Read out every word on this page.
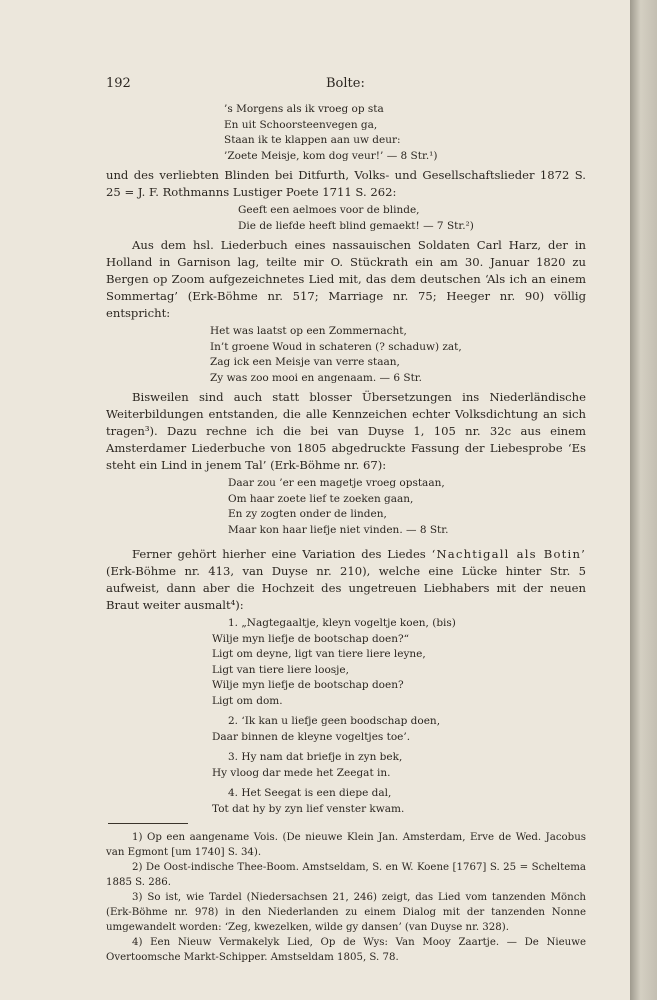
192	Bolte:
’s Morgens als ik vroeg op sta
En uit Schoorsteenvegen ga,
Staan ik te klappen aan uw deur:
’Zoete Meisje, kom dog veur!’ — 8 Str.¹)

und des verliebten Blinden bei Ditfurth, Volks- und Gesellschaftslieder 1872 S. 25 = J. F. Rothmanns Lustiger Poete 1711 S. 262:

Geeft een aelmoes voor de blinde,
Die de liefde heeft blind gemaekt! — 7 Str.²)

Aus dem hsl. Liederbuch eines nassauischen Soldaten Carl Harz, der in Holland in Garnison lag, teilte mir O. Stückrath ein am 30. Januar 1820 zu Bergen op Zoom aufgezeichnetes Lied mit, das dem deutschen ‘Als ich an einem Sommertag’ (Erk-Böhme nr. 517; Marriage nr. 75; Heeger nr. 90) völlig entspricht:

Het was laatst op een Zommernacht,
In’t groene Woud in schateren (? schaduw) zat,
Zag ick een Meisje van verre staan,
Zy was zoo mooi en angenaam. — 6 Str.

Bisweilen sind auch statt blosser Übersetzungen ins Niederländische Weiterbildungen entstanden, die alle Kennzeichen echter Volksdichtung an sich tragen³). Dazu rechne ich die bei van Duyse 1, 105 nr. 32c aus einem Amsterdamer Liederbuche von 1805 abgedruckte Fassung der Liebesprobe ‘Es steht ein Lind in jenem Tal’ (Erk-Böhme nr. 67):

Daar zou ’er een magetje vroeg opstaan,
Om haar zoete lief te zoeken gaan,
En zy zogten onder de linden,
Maar kon haar liefje niet vinden. — 8 Str.

Ferner gehört hierher eine Variation des Liedes ‘Nachtigall als Botin’ (Erk-Böhme nr. 413, van Duyse nr. 210), welche eine Lücke hinter Str. 5 aufweist, dann aber die Hochzeit des ungetreuen Liebhabers mit der neuen Braut weiter ausmalt⁴):

1. „Nagtegaaltje, kleyn vogeltje koen, (bis)
Wilje myn liefje de bootschap doen?“
Ligt om deyne, ligt van tiere liere leyne,
Ligt van tiere liere loosje,
Wilje myn liefje de bootschap doen?
Ligt om dom.
2. ‘Ik kan u liefje geen boodschap doen,
Daar binnen de kleyne vogeltjes toe’.
3. Hy nam dat briefje in zyn bek,
Hy vloog dar mede het Zeegat in.
4. Het Seegat is een diepe dal,
Tot dat hy by zyn lief venster kwam.

1) Op een aangename Vois. (De nieuwe Klein Jan. Amsterdam, Erve de Wed. Jacobus van Egmont [um 1740] S. 34).

2) De Oost-indische Thee-Boom. Amstseldam, S. en W. Koene [1767] S. 25 = Scheltema 1885 S. 286.

3) So ist, wie Tardel (Niedersachsen 21, 246) zeigt, das Lied vom tanzenden Mönch (Erk-Böhme nr. 978) in den Niederlanden zu einem Dialog mit der tanzenden Nonne umgewandelt worden: ‘Zeg, kwezelken, wilde gy dansen’ (van Duyse nr. 328).

4) Een Nieuw Vermakelyk Lied, Op de Wys: Van Mooy Zaartje. — De Nieuwe Overtoomsche Markt-Schipper. Amstseldam 1805, S. 78.
